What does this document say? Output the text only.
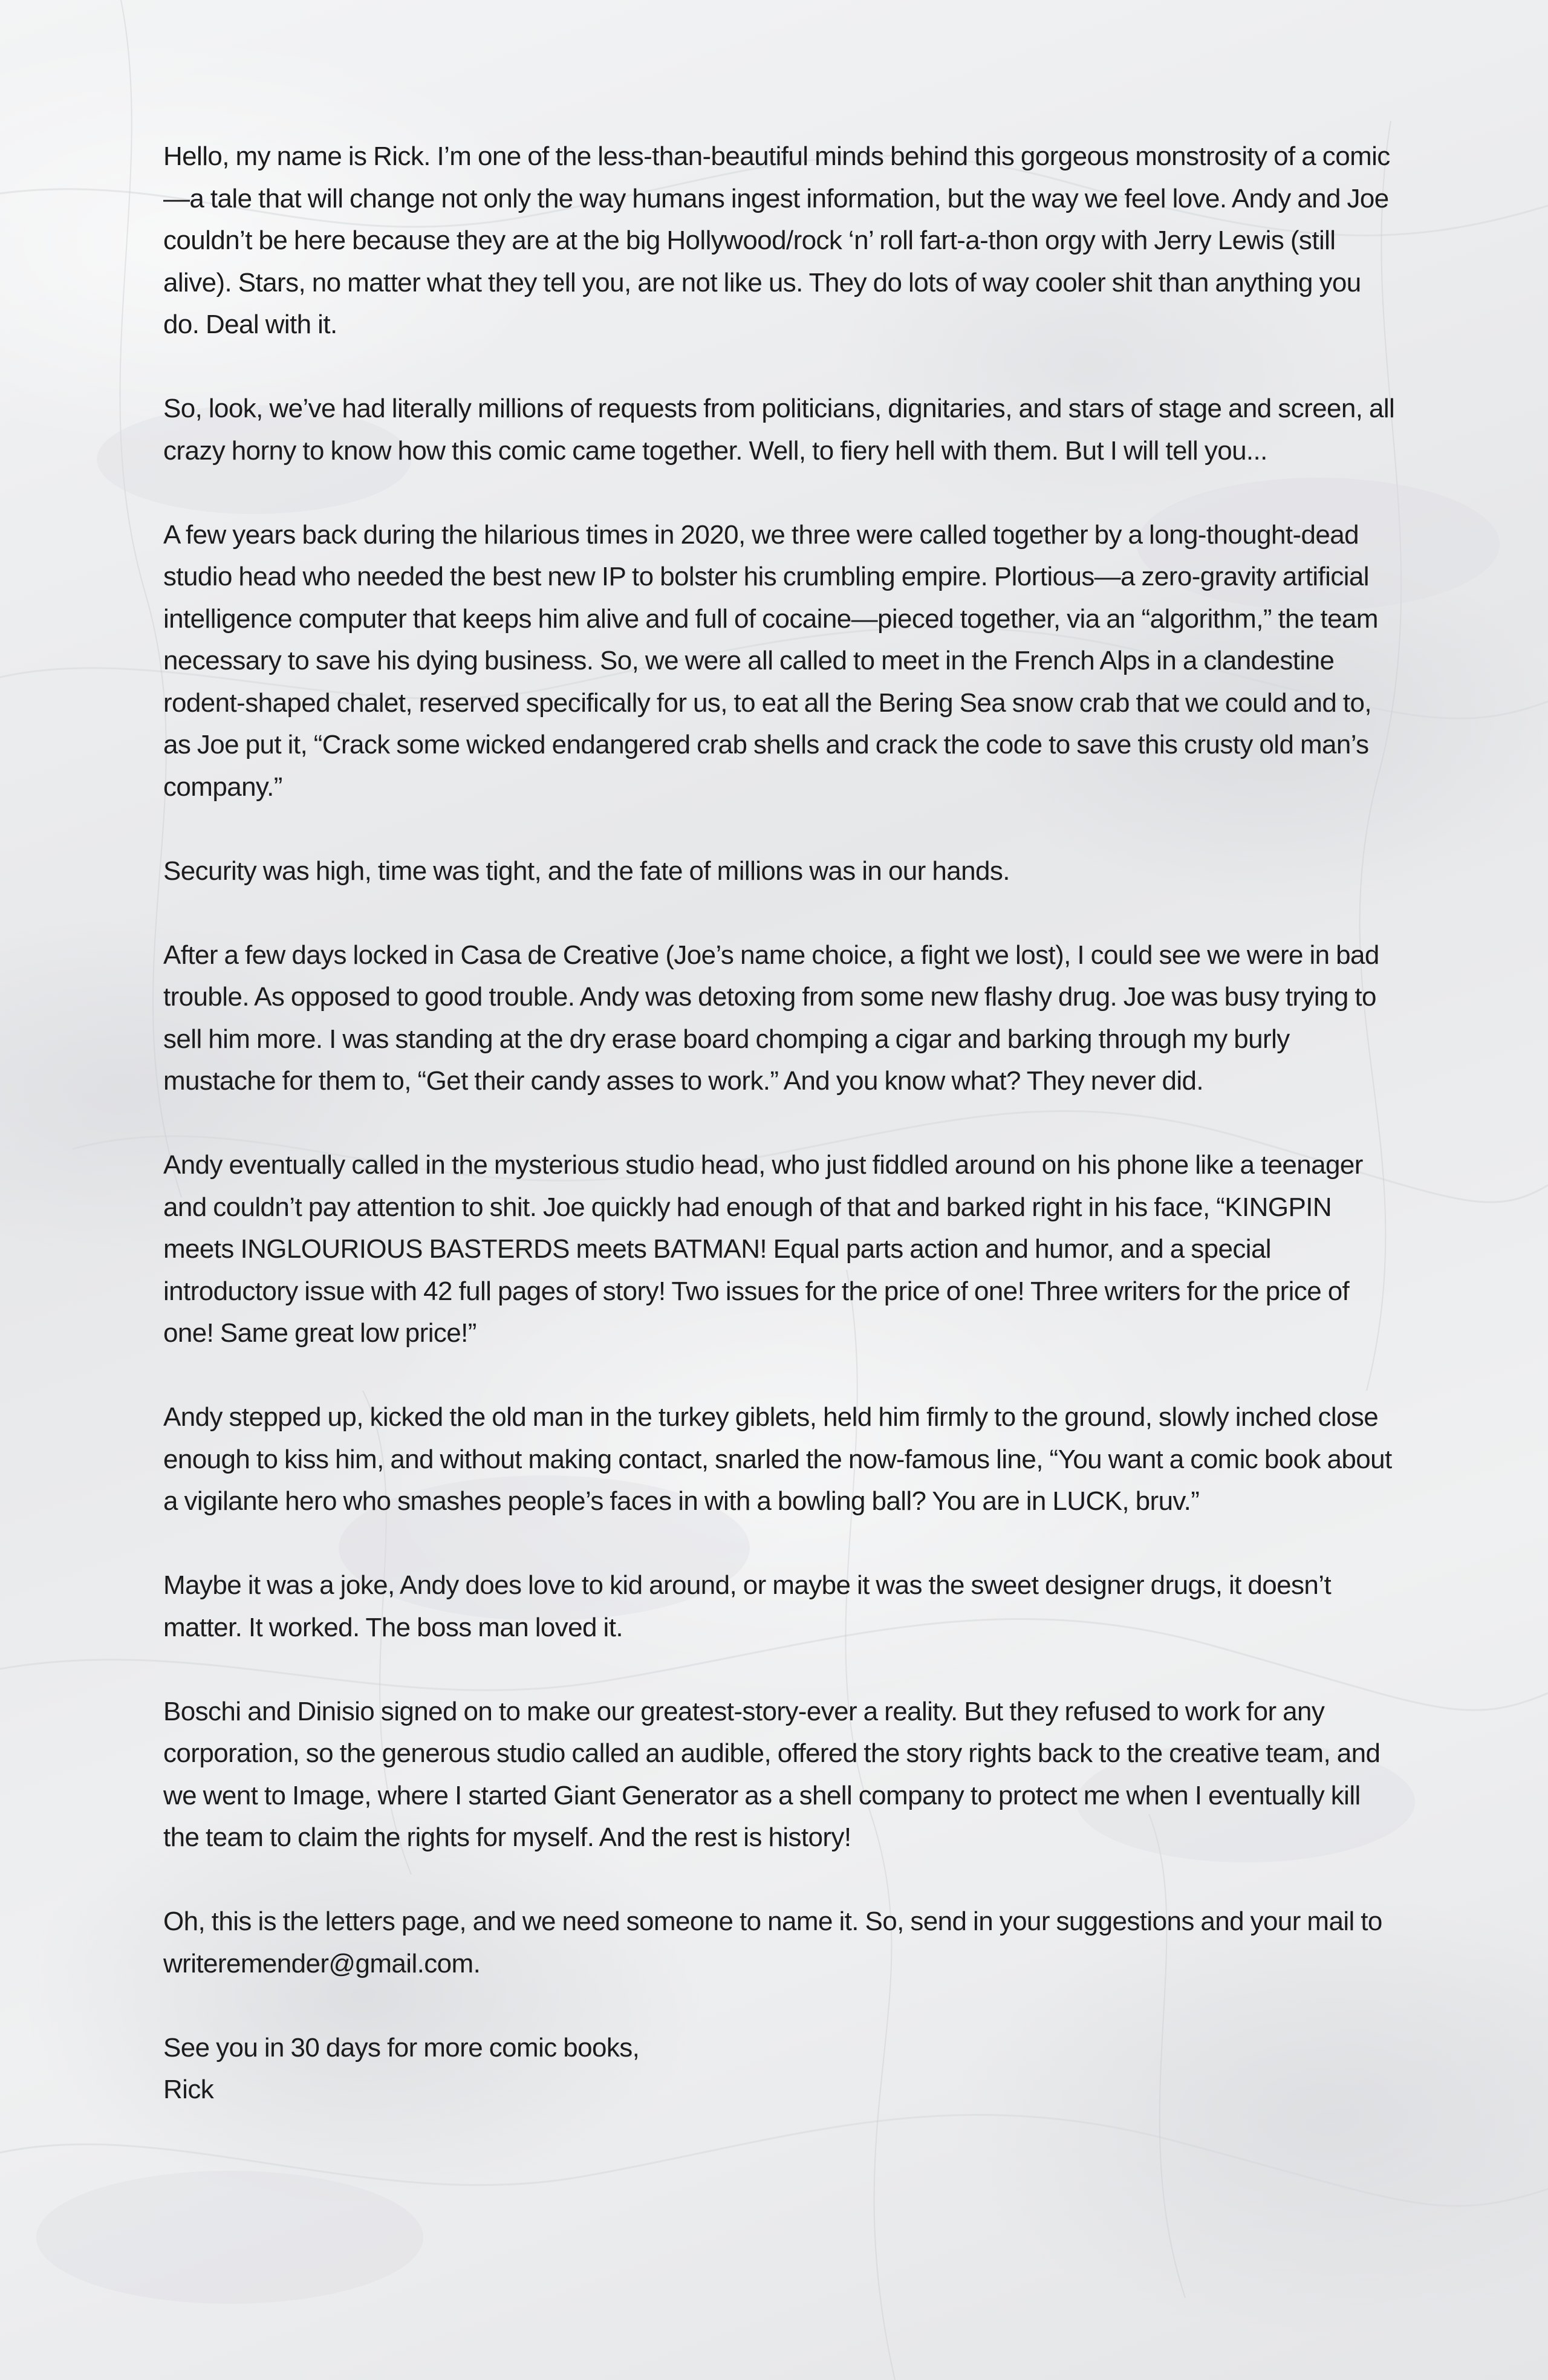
Hello, my name is Rick. I’m one of the less-than-beautiful minds behind this gorgeous monstrosity of a comic—a tale that will change not only the way humans ingest information, but the way we feel love. Andy and Joe couldn’t be here because they are at the big Hollywood/rock ‘n’ roll fart-a-thon orgy with Jerry Lewis (still alive). Stars, no matter what they tell you, are not like us. They do lots of way cooler shit than anything you do. Deal with it.

So, look, we’ve had literally millions of requests from politicians, dignitaries, and stars of stage and screen, all crazy horny to know how this comic came together. Well, to fiery hell with them. But I will tell you...

A few years back during the hilarious times in 2020, we three were called together by a long-thought-dead studio head who needed the best new IP to bolster his crumbling empire. Plortious—a zero-gravity artificial intelligence computer that keeps him alive and full of cocaine—pieced together, via an “algorithm,” the team necessary to save his dying business. So, we were all called to meet in the French Alps in a clandestine rodent-shaped chalet, reserved specifically for us, to eat all the Bering Sea snow crab that we could and to, as Joe put it, “Crack some wicked endangered crab shells and crack the code to save this crusty old man’s company.”

Security was high, time was tight, and the fate of millions was in our hands.

After a few days locked in Casa de Creative (Joe’s name choice, a fight we lost), I could see we were in bad trouble. As opposed to good trouble. Andy was detoxing from some new flashy drug. Joe was busy trying to sell him more. I was standing at the dry erase board chomping a cigar and barking through my burly mustache for them to, “Get their candy asses to work.” And you know what? They never did.

Andy eventually called in the mysterious studio head, who just fiddled around on his phone like a teenager and couldn’t pay attention to shit. Joe quickly had enough of that and barked right in his face, “KINGPIN meets INGLOURIOUS BASTERDS meets BATMAN! Equal parts action and humor, and a special introductory issue with 42 full pages of story! Two issues for the price of one! Three writers for the price of one! Same great low price!”

Andy stepped up, kicked the old man in the turkey giblets, held him firmly to the ground, slowly inched close enough to kiss him, and without making contact, snarled the now-famous line, “You want a comic book about a vigilante hero who smashes people’s faces in with a bowling ball? You are in LUCK, bruv.”

Maybe it was a joke, Andy does love to kid around, or maybe it was the sweet designer drugs, it doesn’t matter. It worked. The boss man loved it.

Boschi and Dinisio signed on to make our greatest-story-ever a reality. But they refused to work for any corporation, so the generous studio called an audible, offered the story rights back to the creative team, and we went to Image, where I started Giant Generator as a shell company to protect me when I eventually kill the team to claim the rights for myself. And the rest is history!

Oh, this is the letters page, and we need someone to name it. So, send in your suggestions and your mail to writeremender@gmail.com.

See you in 30 days for more comic books,
Rick
